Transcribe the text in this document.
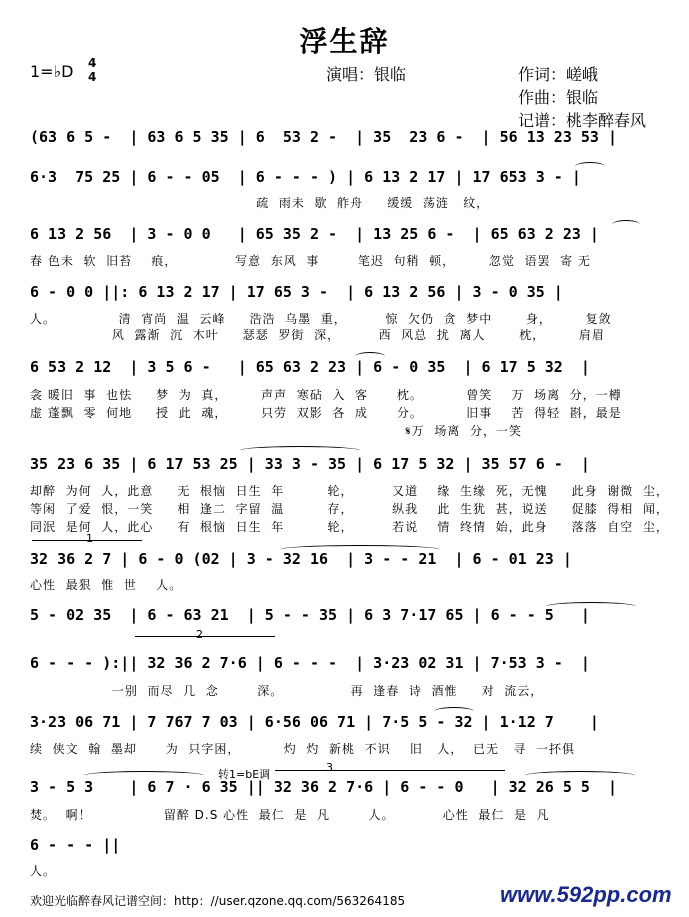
浮生辞
1=♭D 4
4	演唱：银临	作词：嵯峨
作曲：银临
记谱：桃李醉春风
(63 6 5 -  | 63 6 5 35 | 6  53 2 -  | 35  23 6 -  | 56 13 23 53 |
6·3  75 25 | 6 - - 05  | 6 - - - ) | 6 13 2 17 | 17 653 3 - |
疏  雨未  歇  舴舟     缓缓  荡涟   纹，
6 13 2 56  | 3 - 0 0   | 65 35 2 -  | 13 25 6 -  | 65 63 2 23 |
春 色未  软  旧苔    痕，            写意  东风  事        笔迟  句稍  顿，       忽觉  语罢  寄 无
6 - 0 0 ||: 6 13 2 17 | 17 65 3 -  | 6 13 2 56 | 3 - 0 35 |
人。             清  宵尚  温  云峰     浩浩  乌墨  重，        惊  欠仍  贪  梦中       身，       复敛
风  露渐  沉  木叶     瑟瑟  罗街  深，        西  风总  扰  离人       枕，       肩眉
6 53 2 12  | 3 5 6 -   | 65 63 2 23 | 6 - 0 35  | 6 17 5 32  |
衾 暖旧  事  也怯     梦  为  真，       声声  寒砧  入  客      枕。         曾笑    万  场离  分，一樽
虚 蓬飘  零  何地     授  此  魂，       只劳  双影  各  成      分。         旧事    苦  得轻  斟，最是
𝄋万  场离  分，一笑
35 23 6 35 | 6 17 53 25 | 33 3 - 35 | 6 17 5 32 | 35 57 6 -  |
却醉  为何  人，此意     无  根恼  日生  年         轮，        又道    缘  生缘  死，无愧     此身  谢微  尘，
等闲  了爱  恨，一笑     相  逢二  字留  温         存，        纵我    此  生犹  甚，说送     促膝  得相  闻，
同泯  是何  人，此心     有  根恼  日生  年         轮，        若说    情  终情  始，此身     落落  自空  尘，
1
32 36 2 7 | 6 - 0 (02 | 3 - 32 16  | 3 - - 21  | 6 - 01 23 |
心性  最狠  惟  世    人。
5 - 02 35  | 6 - 63 21  | 5 - - 35 | 6 3 7·17 65 | 6 - - 5   |
2
6 - - - ):|| 32 36 2 7·6 | 6 - - -  | 3·23 02 31 | 7·53 3 -  |
一别  而尽  几  念        深。              再  逢春  诗  酒惟     对  流云，
3·23 06 71 | 7 767 7 03 | 6·56 06 71 | 7·5 5 - 32 | 1·12 7    |
续  侠文  翰  墨却      为  只字困，         灼  灼  新桃  不识    旧   人，  已无   寻  一抔俱
转1=bE调
3
3 - 5 3    | 6 7 · 6 35 || 32 36 2 7·6 | 6 - - 0   | 32 26 5 5  |
焚。  啊！               留醉 D.S 心性  最仁  是  凡        人。          心性  最仁  是  凡
6 - - - ||
人。
欢迎光临醉春风记谱空间：http：//user.qzone.qq.com/563264185	www.592pp.com
